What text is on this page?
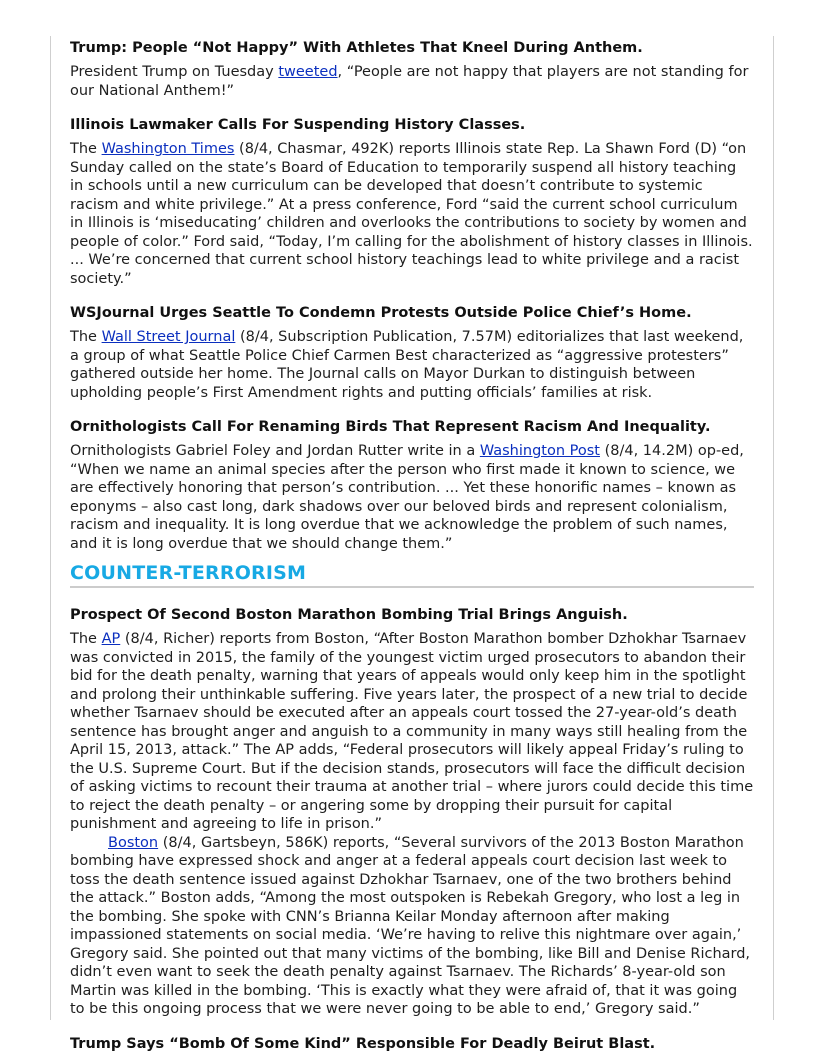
Trump: People “Not Happy” With Athletes That Kneel During Anthem.

President Trump on Tuesday tweeted, “People are not happy that players are not standing for our National Anthem!”

Illinois Lawmaker Calls For Suspending History Classes.

The Washington Times (8/4, Chasmar, 492K) reports Illinois state Rep. La Shawn Ford (D) “on Sunday called on the state’s Board of Education to temporarily suspend all history teaching in schools until a new curriculum can be developed that doesn’t contribute to systemic racism and white privilege.” At a press conference, Ford “said the current school curriculum in Illinois is ‘miseducating’ children and overlooks the contributions to society by women and people of color.” Ford said, “Today, I’m calling for the abolishment of history classes in Illinois. ... We’re concerned that current school history teachings lead to white privilege and a racist society.”

WSJournal Urges Seattle To Condemn Protests Outside Police Chief’s Home.

The Wall Street Journal (8/4, Subscription Publication, 7.57M) editorializes that last weekend, a group of what Seattle Police Chief Carmen Best characterized as “aggressive protesters” gathered outside her home. The Journal calls on Mayor Durkan to distinguish between upholding people’s First Amendment rights and putting officials’ families at risk.

Ornithologists Call For Renaming Birds That Represent Racism And Inequality.

Ornithologists Gabriel Foley and Jordan Rutter write in a Washington Post (8/4, 14.2M) op-ed, “When we name an animal species after the person who first made it known to science, we are effectively honoring that person’s contribution. ... Yet these honorific names – known as eponyms – also cast long, dark shadows over our beloved birds and represent colonialism, racism and inequality. It is long overdue that we acknowledge the problem of such names, and it is long overdue that we should change them.”

COUNTER-TERRORISM
Prospect Of Second Boston Marathon Bombing Trial Brings Anguish.

The AP (8/4, Richer) reports from Boston, “After Boston Marathon bomber Dzhokhar Tsarnaev was convicted in 2015, the family of the youngest victim urged prosecutors to abandon their bid for the death penalty, warning that years of appeals would only keep him in the spotlight and prolong their unthinkable suffering. Five years later, the prospect of a new trial to decide whether Tsarnaev should be executed after an appeals court tossed the 27-year-old’s death sentence has brought anger and anguish to a community in many ways still healing from the April 15, 2013, attack.” The AP adds, “Federal prosecutors will likely appeal Friday’s ruling to the U.S. Supreme Court. But if the decision stands, prosecutors will face the difficult decision of asking victims to recount their trauma at another trial – where jurors could decide this time to reject the death penalty – or angering some by dropping their pursuit for capital punishment and agreeing to life in prison.”

Boston (8/4, Gartsbeyn, 586K) reports, “Several survivors of the 2013 Boston Marathon bombing have expressed shock and anger at a federal appeals court decision last week to toss the death sentence issued against Dzhokhar Tsarnaev, one of the two brothers behind the attack.” Boston adds, “Among the most outspoken is Rebekah Gregory, who lost a leg in the bombing. She spoke with CNN’s Brianna Keilar Monday afternoon after making impassioned statements on social media. ‘We’re having to relive this nightmare over again,’ Gregory said. She pointed out that many victims of the bombing, like Bill and Denise Richard, didn’t even want to seek the death penalty against Tsarnaev. The Richards’ 8-year-old son Martin was killed in the bombing. ‘This is exactly what they were afraid of, that it was going to be this ongoing process that we were never going to be able to end,’ Gregory said.”

Trump Says “Bomb Of Some Kind” Responsible For Deadly Beirut Blast.
